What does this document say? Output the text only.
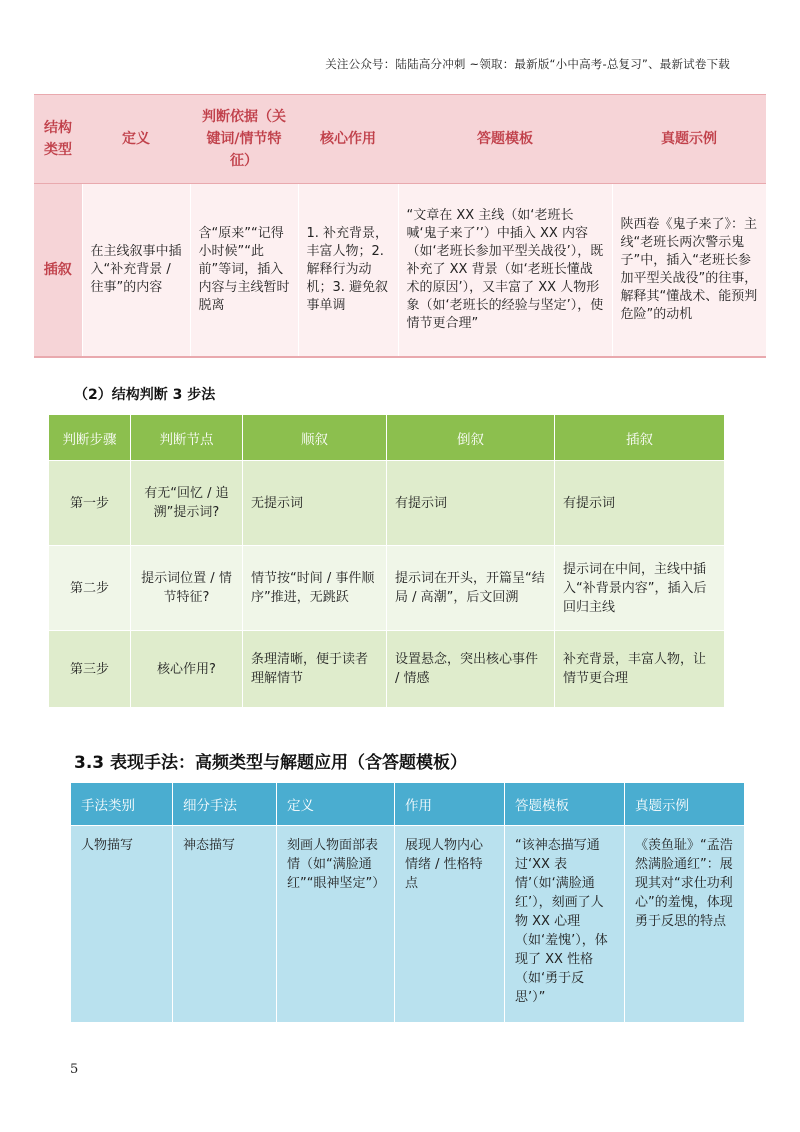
关注公众号：陆陆高分冲刺 ~领取：最新版“小中高考-总复习”、最新试卷下载
结构类型	定义	判断依据（关键词/情节特征）	核心作用	答题模板	真题示例
插叙	在主线叙事中插入“补充背景 / 往事”的内容	含“原来”“记得小时候”“此前”等词，插入内容与主线暂时脱离	1. 补充背景，丰富人物；2. 解释行为动机；3. 避免叙事单调	“文章在 XX 主线（如‘老班长喊‘鬼子来了’’）中插入 XX 内容（如‘老班长参加平型关战役’），既补充了 XX 背景（如‘老班长懂战术的原因’），又丰富了 XX 人物形象（如‘老班长的经验与坚定’），使情节更合理”	陕西卷《鬼子来了》：主线“老班长两次警示鬼子”中，插入“老班长参加平型关战役”的往事，解释其“懂战术、能预判危险”的动机
（2）结构判断 3 步法
判断步骤	判断节点	顺叙	倒叙	插叙
第一步	有无“回忆 / 追溯”提示词?	无提示词	有提示词	有提示词
第二步	提示词位置 / 情节特征?	情节按“时间 / 事件顺序”推进，无跳跃	提示词在开头，开篇呈“结局 / 高潮”，后文回溯	提示词在中间，主线中插入“补背景内容”，插入后回归主线
第三步	核心作用?	条理清晰，便于读者理解情节	设置悬念，突出核心事件 / 情感	补充背景，丰富人物，让情节更合理
3.3 表现手法：高频类型与解题应用（含答题模板）
手法类别	细分手法	定义	作用	答题模板	真题示例
人物描写	神态描写	刻画人物面部表情（如“满脸通红”“眼神坚定”）	展现人物内心情绪 / 性格特点	“该神态描写通过‘XX 表情’（如‘满脸通红’），刻画了人物 XX 心理（如‘羞愧’），体现了 XX 性格（如‘勇于反思’）”	《羡鱼耻》“孟浩然满脸通红”：展现其对“求仕功利心”的羞愧，体现勇于反思的特点
5
